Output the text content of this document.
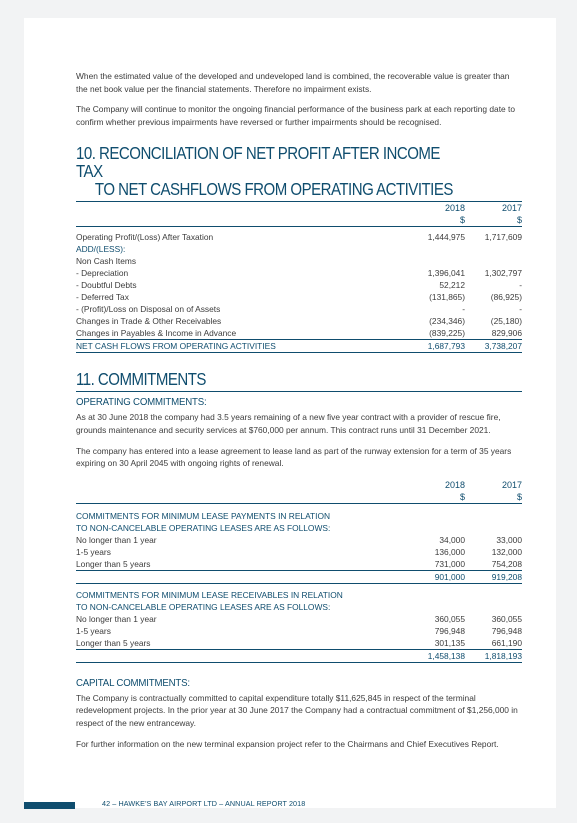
When the estimated value of the developed and undeveloped land is combined, the recoverable value is greater than the net book value per the financial statements. Therefore no impairment exists.

The Company will continue to monitor the ongoing financial performance of the business park at each reporting date to confirm whether previous impairments have reversed or further impairments should be recognised.

10. RECONCILIATION OF NET PROFIT AFTER INCOME TAX
TO NET CASHFLOWS FROM OPERATING ACTIVITIES
	2018	2017
	$	$

Operating Profit/(Loss) After Taxation	1,444,975	1,717,609
ADD/(LESS):		
Non Cash Items		
- Depreciation	1,396,041	1,302,797
- Doubtful Debts	52,212	-
- Deferred Tax	(131,865)	(86,925)
- (Profit)/Loss on Disposal on of Assets	-	-
Changes in Trade & Other Receivables	(234,346)	(25,180)
Changes in Payables & Income in Advance	(839,225)	829,906
NET CASH FLOWS FROM OPERATING ACTIVITIES	1,687,793	3,738,207
11. COMMITMENTS
OPERATING COMMITMENTS:

As at 30 June 2018 the company had 3.5 years remaining of a new five year contract with a provider of rescue fire, grounds maintenance and security services at $760,000 per annum. This contract runs until 31 December 2021.

The company has entered into a lease agreement to lease land as part of the runway extension for a term of 35 years expiring on 30 April 2045 with ongoing rights of renewal.

	2018	2017
	$	$

COMMITMENTS FOR MINIMUM LEASE PAYMENTS IN RELATION		
TO NON-CANCELABLE OPERATING LEASES ARE AS FOLLOWS:		
No longer than 1 year	34,000	33,000
1-5 years	136,000	132,000
Longer than 5 years	731,000	754,208
	901,000	919,208

COMMITMENTS FOR MINIMUM LEASE RECEIVABLES IN RELATION		
TO NON-CANCELABLE OPERATING LEASES ARE AS FOLLOWS:		
No longer than 1 year	360,055	360,055
1-5 years	796,948	796,948
Longer than 5 years	301,135	661,190
	1,458,138	1,818,193
CAPITAL COMMITMENTS:

The Company is contractually committed to capital expenditure totally $11,625,845 in respect of the terminal redevelopment projects. In the prior year at 30 June 2017 the Company had a contractual commitment of $1,256,000 in respect of the new entranceway.

For further information on the new terminal expansion project refer to the Chairmans and Chief Executives Report.

42 – HAWKE'S BAY AIRPORT LTD – ANNUAL REPORT 2018
